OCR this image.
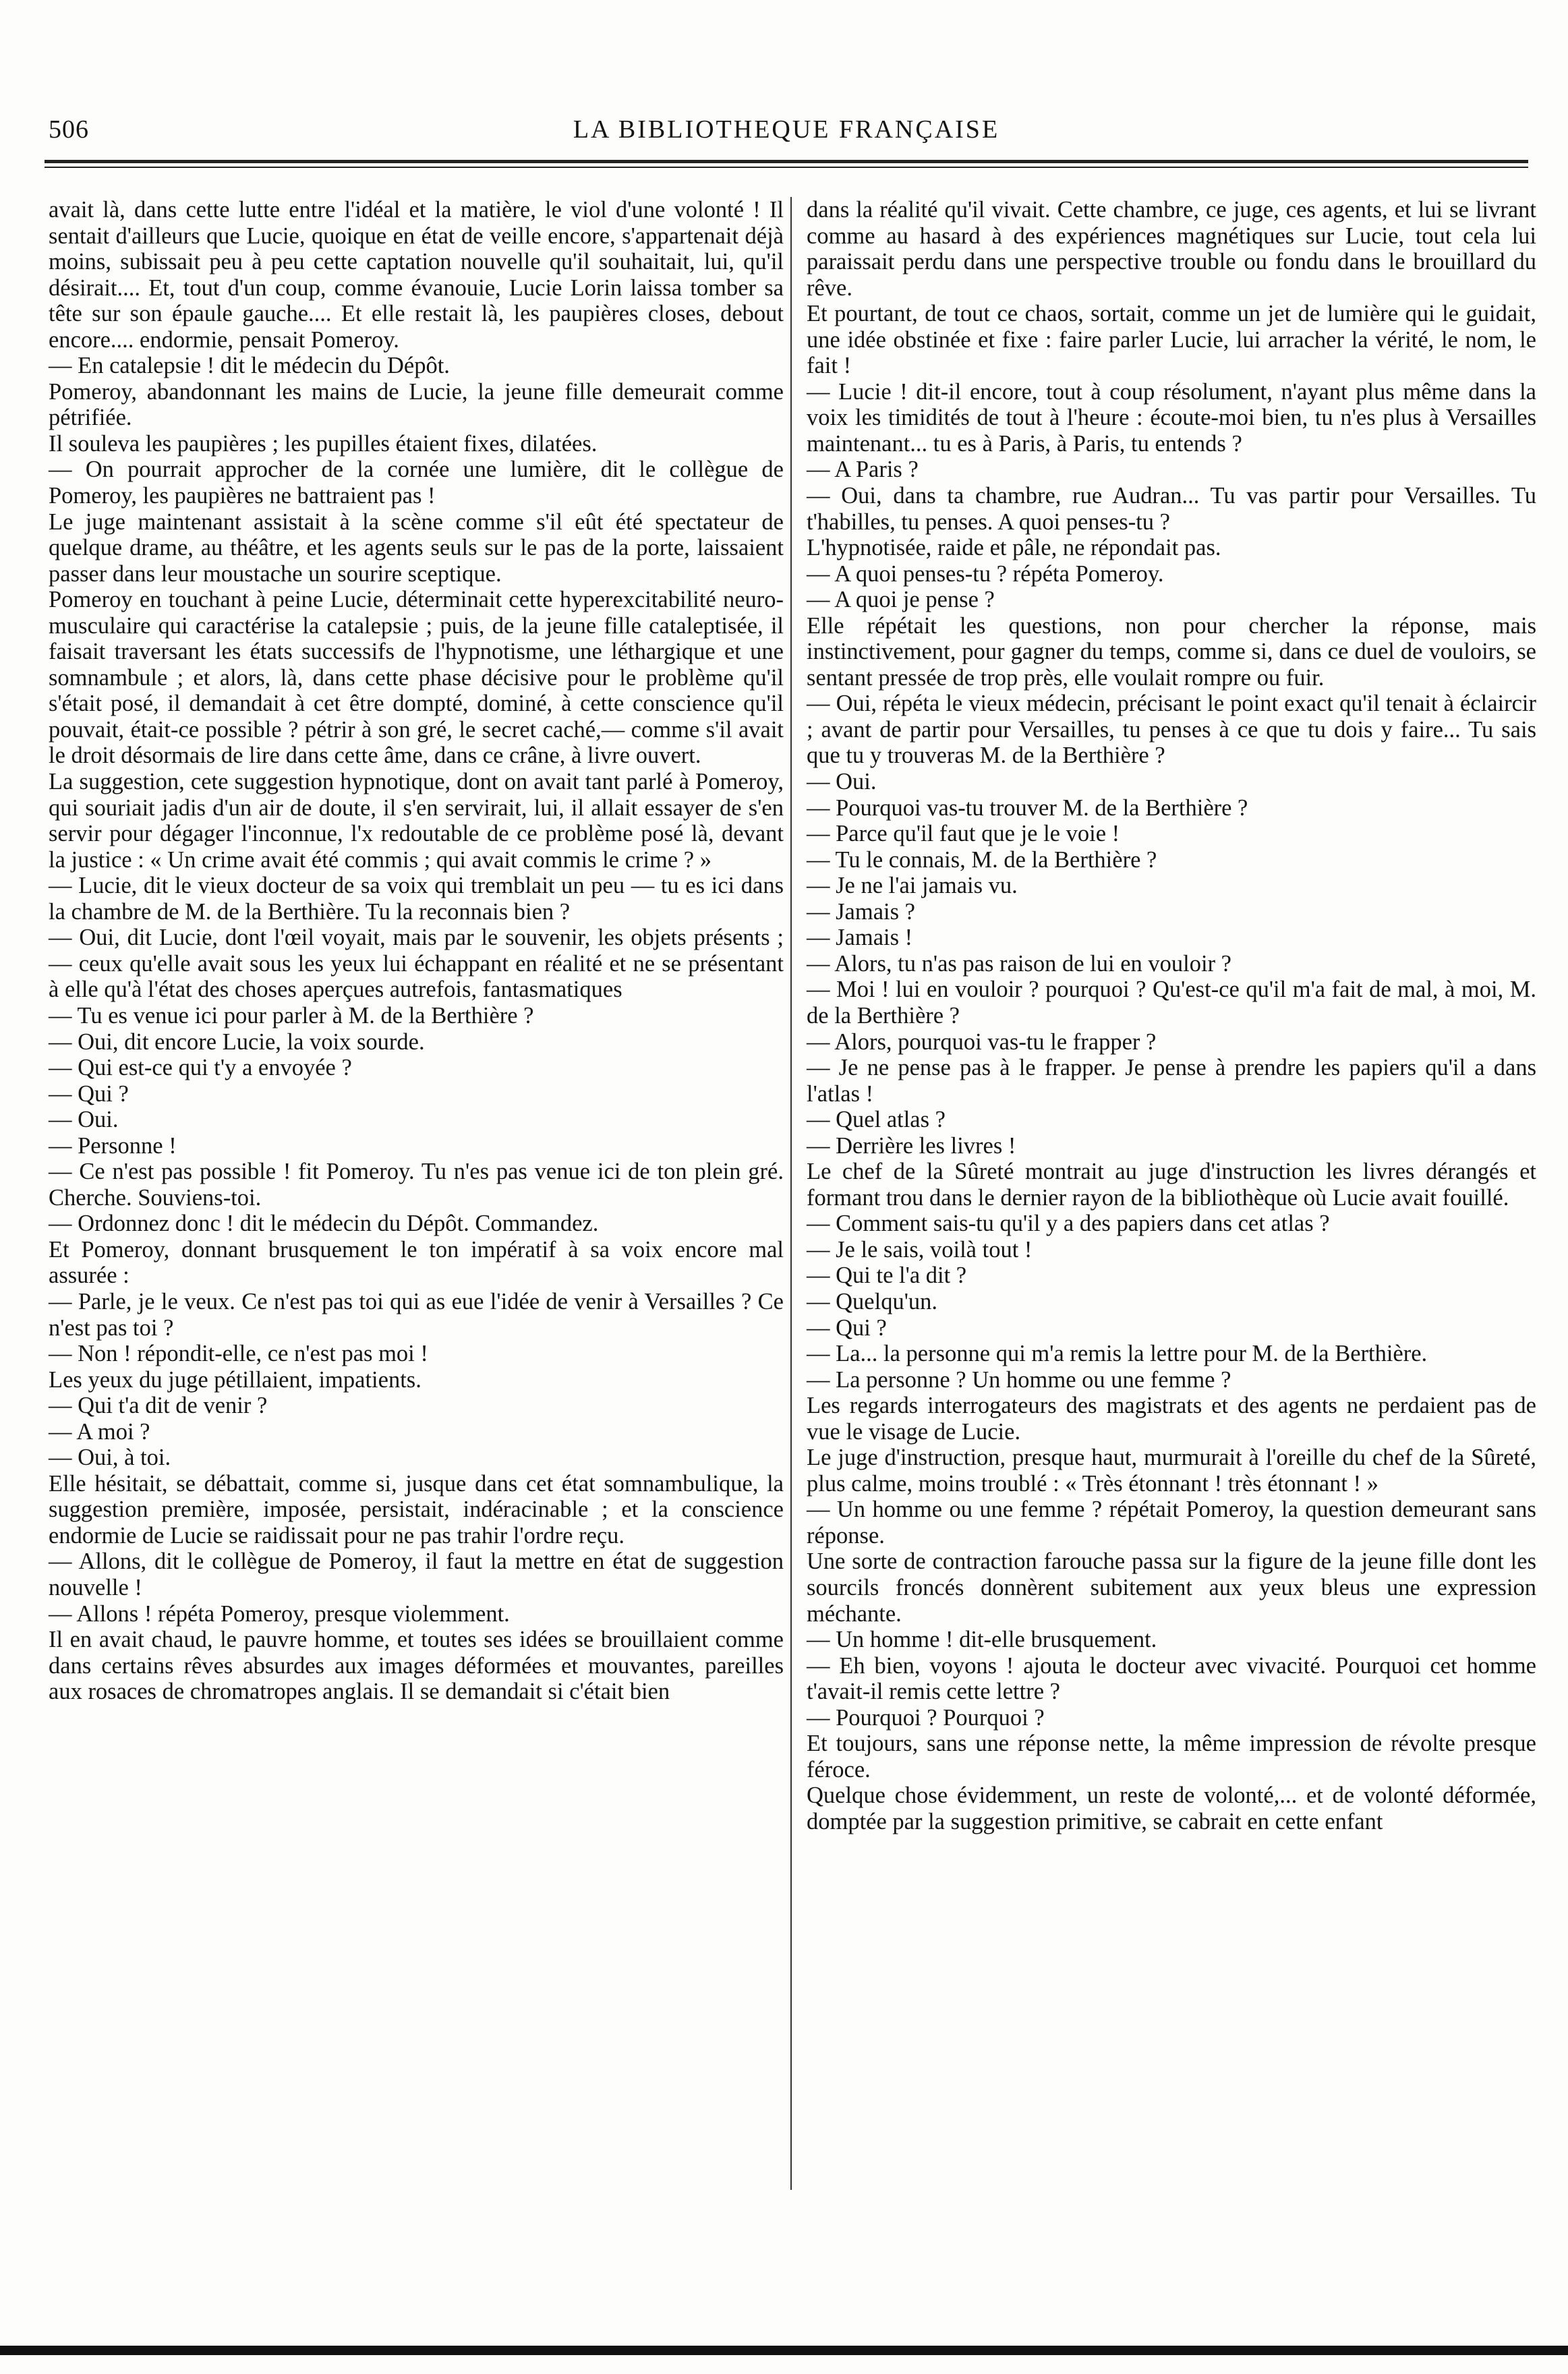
506	LA BIBLIOTHEQUE FRANÇAISE

avait là, dans cette lutte entre l'idéal et la matière, le viol d'une volonté ! Il sentait d'ailleurs que Lucie, quoique en état de veille encore, s'appartenait déjà moins, subissait peu à peu cette captation nouvelle qu'il souhaitait, lui, qu'il désirait.... Et, tout d'un coup, comme évanouie, Lucie Lorin laissa tomber sa tête sur son épaule gauche.... Et elle restait là, les paupières closes, debout encore.... endormie, pensait Pomeroy.

— En catalepsie ! dit le médecin du Dépôt.

Pomeroy, abandonnant les mains de Lucie, la jeune fille demeurait comme pétrifiée.

Il souleva les paupières ; les pupilles étaient fixes, dilatées.

— On pourrait approcher de la cornée une lumière, dit le collègue de Pomeroy, les paupières ne battraient pas !

Le juge maintenant assistait à la scène comme s'il eût été spectateur de quelque drame, au théâtre, et les agents seuls sur le pas de la porte, laissaient passer dans leur moustache un sourire sceptique.

Pomeroy en touchant à peine Lucie, déterminait cette hyperexcitabilité neuro-musculaire qui caractérise la catalepsie ; puis, de la jeune fille cataleptisée, il faisait traversant les états successifs de l'hypnotisme, une léthargique et une somnambule ; et alors, là, dans cette phase décisive pour le problème qu'il s'était posé, il demandait à cet être dompté, dominé, à cette conscience qu'il pouvait, était-ce possible ? pétrir à son gré, le secret caché,— comme s'il avait le droit désormais de lire dans cette âme, dans ce crâne, à livre ouvert.

La suggestion, cete suggestion hypnotique, dont on avait tant parlé à Pomeroy, qui souriait jadis d'un air de doute, il s'en servirait, lui, il allait essayer de s'en servir pour dégager l'inconnue, l'x redoutable de ce problème posé là, devant la justice : « Un crime avait été commis ; qui avait commis le crime ? »

— Lucie, dit le vieux docteur de sa voix qui tremblait un peu — tu es ici dans la chambre de M. de la Berthière. Tu la reconnais bien ?

— Oui, dit Lucie, dont l'œil voyait, mais par le souvenir, les objets présents ; — ceux qu'elle avait sous les yeux lui échappant en réalité et ne se présentant à elle qu'à l'état des choses aperçues autrefois, fantasmatiques

— Tu es venue ici pour parler à M. de la Berthière ?

— Oui, dit encore Lucie, la voix sourde.

— Qui est-ce qui t'y a envoyée ?

— Qui ?

— Oui.

— Personne !

— Ce n'est pas possible ! fit Pomeroy. Tu n'es pas venue ici de ton plein gré. Cherche. Souviens-toi.

— Ordonnez donc ! dit le médecin du Dépôt. Commandez.

Et Pomeroy, donnant brusquement le ton impératif à sa voix encore mal assurée :

— Parle, je le veux. Ce n'est pas toi qui as eue l'idée de venir à Versailles ? Ce n'est pas toi ?

— Non ! répondit-elle, ce n'est pas moi !

Les yeux du juge pétillaient, impatients.

— Qui t'a dit de venir ?

— A moi ?

— Oui, à toi.

Elle hésitait, se débattait, comme si, jusque dans cet état somnambulique, la suggestion première, imposée, persistait, indéracinable ; et la conscience endormie de Lucie se raidissait pour ne pas trahir l'ordre reçu.

— Allons, dit le collègue de Pomeroy, il faut la mettre en état de suggestion nouvelle !

— Allons ! répéta Pomeroy, presque violemment.

Il en avait chaud, le pauvre homme, et toutes ses idées se brouillaient comme dans certains rêves absurdes aux images déformées et mouvantes, pareilles aux rosaces de chromatropes anglais. Il se demandait si c'était bien

dans la réalité qu'il vivait. Cette chambre, ce juge, ces agents, et lui se livrant comme au hasard à des expériences magnétiques sur Lucie, tout cela lui paraissait perdu dans une perspective trouble ou fondu dans le brouillard du rêve.

Et pourtant, de tout ce chaos, sortait, comme un jet de lumière qui le guidait, une idée obstinée et fixe : faire parler Lucie, lui arracher la vérité, le nom, le fait !

— Lucie ! dit-il encore, tout à coup résolument, n'ayant plus même dans la voix les timidités de tout à l'heure : écoute-moi bien, tu n'es plus à Versailles maintenant... tu es à Paris, à Paris, tu entends ?

— A Paris ?

— Oui, dans ta chambre, rue Audran... Tu vas partir pour Versailles. Tu t'habilles, tu penses. A quoi penses-tu ?

L'hypnotisée, raide et pâle, ne répondait pas.

— A quoi penses-tu ? répéta Pomeroy.

— A quoi je pense ?

Elle répétait les questions, non pour chercher la réponse, mais instinctivement, pour gagner du temps, comme si, dans ce duel de vouloirs, se sentant pressée de trop près, elle voulait rompre ou fuir.

— Oui, répéta le vieux médecin, précisant le point exact qu'il tenait à éclaircir ; avant de partir pour Versailles, tu penses à ce que tu dois y faire... Tu sais que tu y trouveras M. de la Berthière ?

— Oui.

— Pourquoi vas-tu trouver M. de la Berthière ?

— Parce qu'il faut que je le voie !

— Tu le connais, M. de la Berthière ?

— Je ne l'ai jamais vu.

— Jamais ?

— Jamais !

— Alors, tu n'as pas raison de lui en vouloir ?

— Moi ! lui en vouloir ? pourquoi ? Qu'est-ce qu'il m'a fait de mal, à moi, M. de la Berthière ?

— Alors, pourquoi vas-tu le frapper ?

— Je ne pense pas à le frapper. Je pense à prendre les papiers qu'il a dans l'atlas !

— Quel atlas ?

— Derrière les livres !

Le chef de la Sûreté montrait au juge d'instruction les livres dérangés et formant trou dans le dernier rayon de la bibliothèque où Lucie avait fouillé.

— Comment sais-tu qu'il y a des papiers dans cet atlas ?

— Je le sais, voilà tout !

— Qui te l'a dit ?

— Quelqu'un.

— Qui ?

— La... la personne qui m'a remis la lettre pour M. de la Berthière.

— La personne ? Un homme ou une femme ?

Les regards interrogateurs des magistrats et des agents ne perdaient pas de vue le visage de Lucie.

Le juge d'instruction, presque haut, murmurait à l'oreille du chef de la Sûreté, plus calme, moins troublé : « Très étonnant ! très étonnant ! »

— Un homme ou une femme ? répétait Pomeroy, la question demeurant sans réponse.

Une sorte de contraction farouche passa sur la figure de la jeune fille dont les sourcils froncés donnèrent subitement aux yeux bleus une expression méchante.

— Un homme ! dit-elle brusquement.

— Eh bien, voyons ! ajouta le docteur avec vivacité. Pourquoi cet homme t'avait-il remis cette lettre ?

— Pourquoi ? Pourquoi ?

Et toujours, sans une réponse nette, la même impression de révolte presque féroce.

Quelque chose évidemment, un reste de volonté,... et de volonté déformée, domptée par la suggestion primitive, se cabrait en cette enfant
